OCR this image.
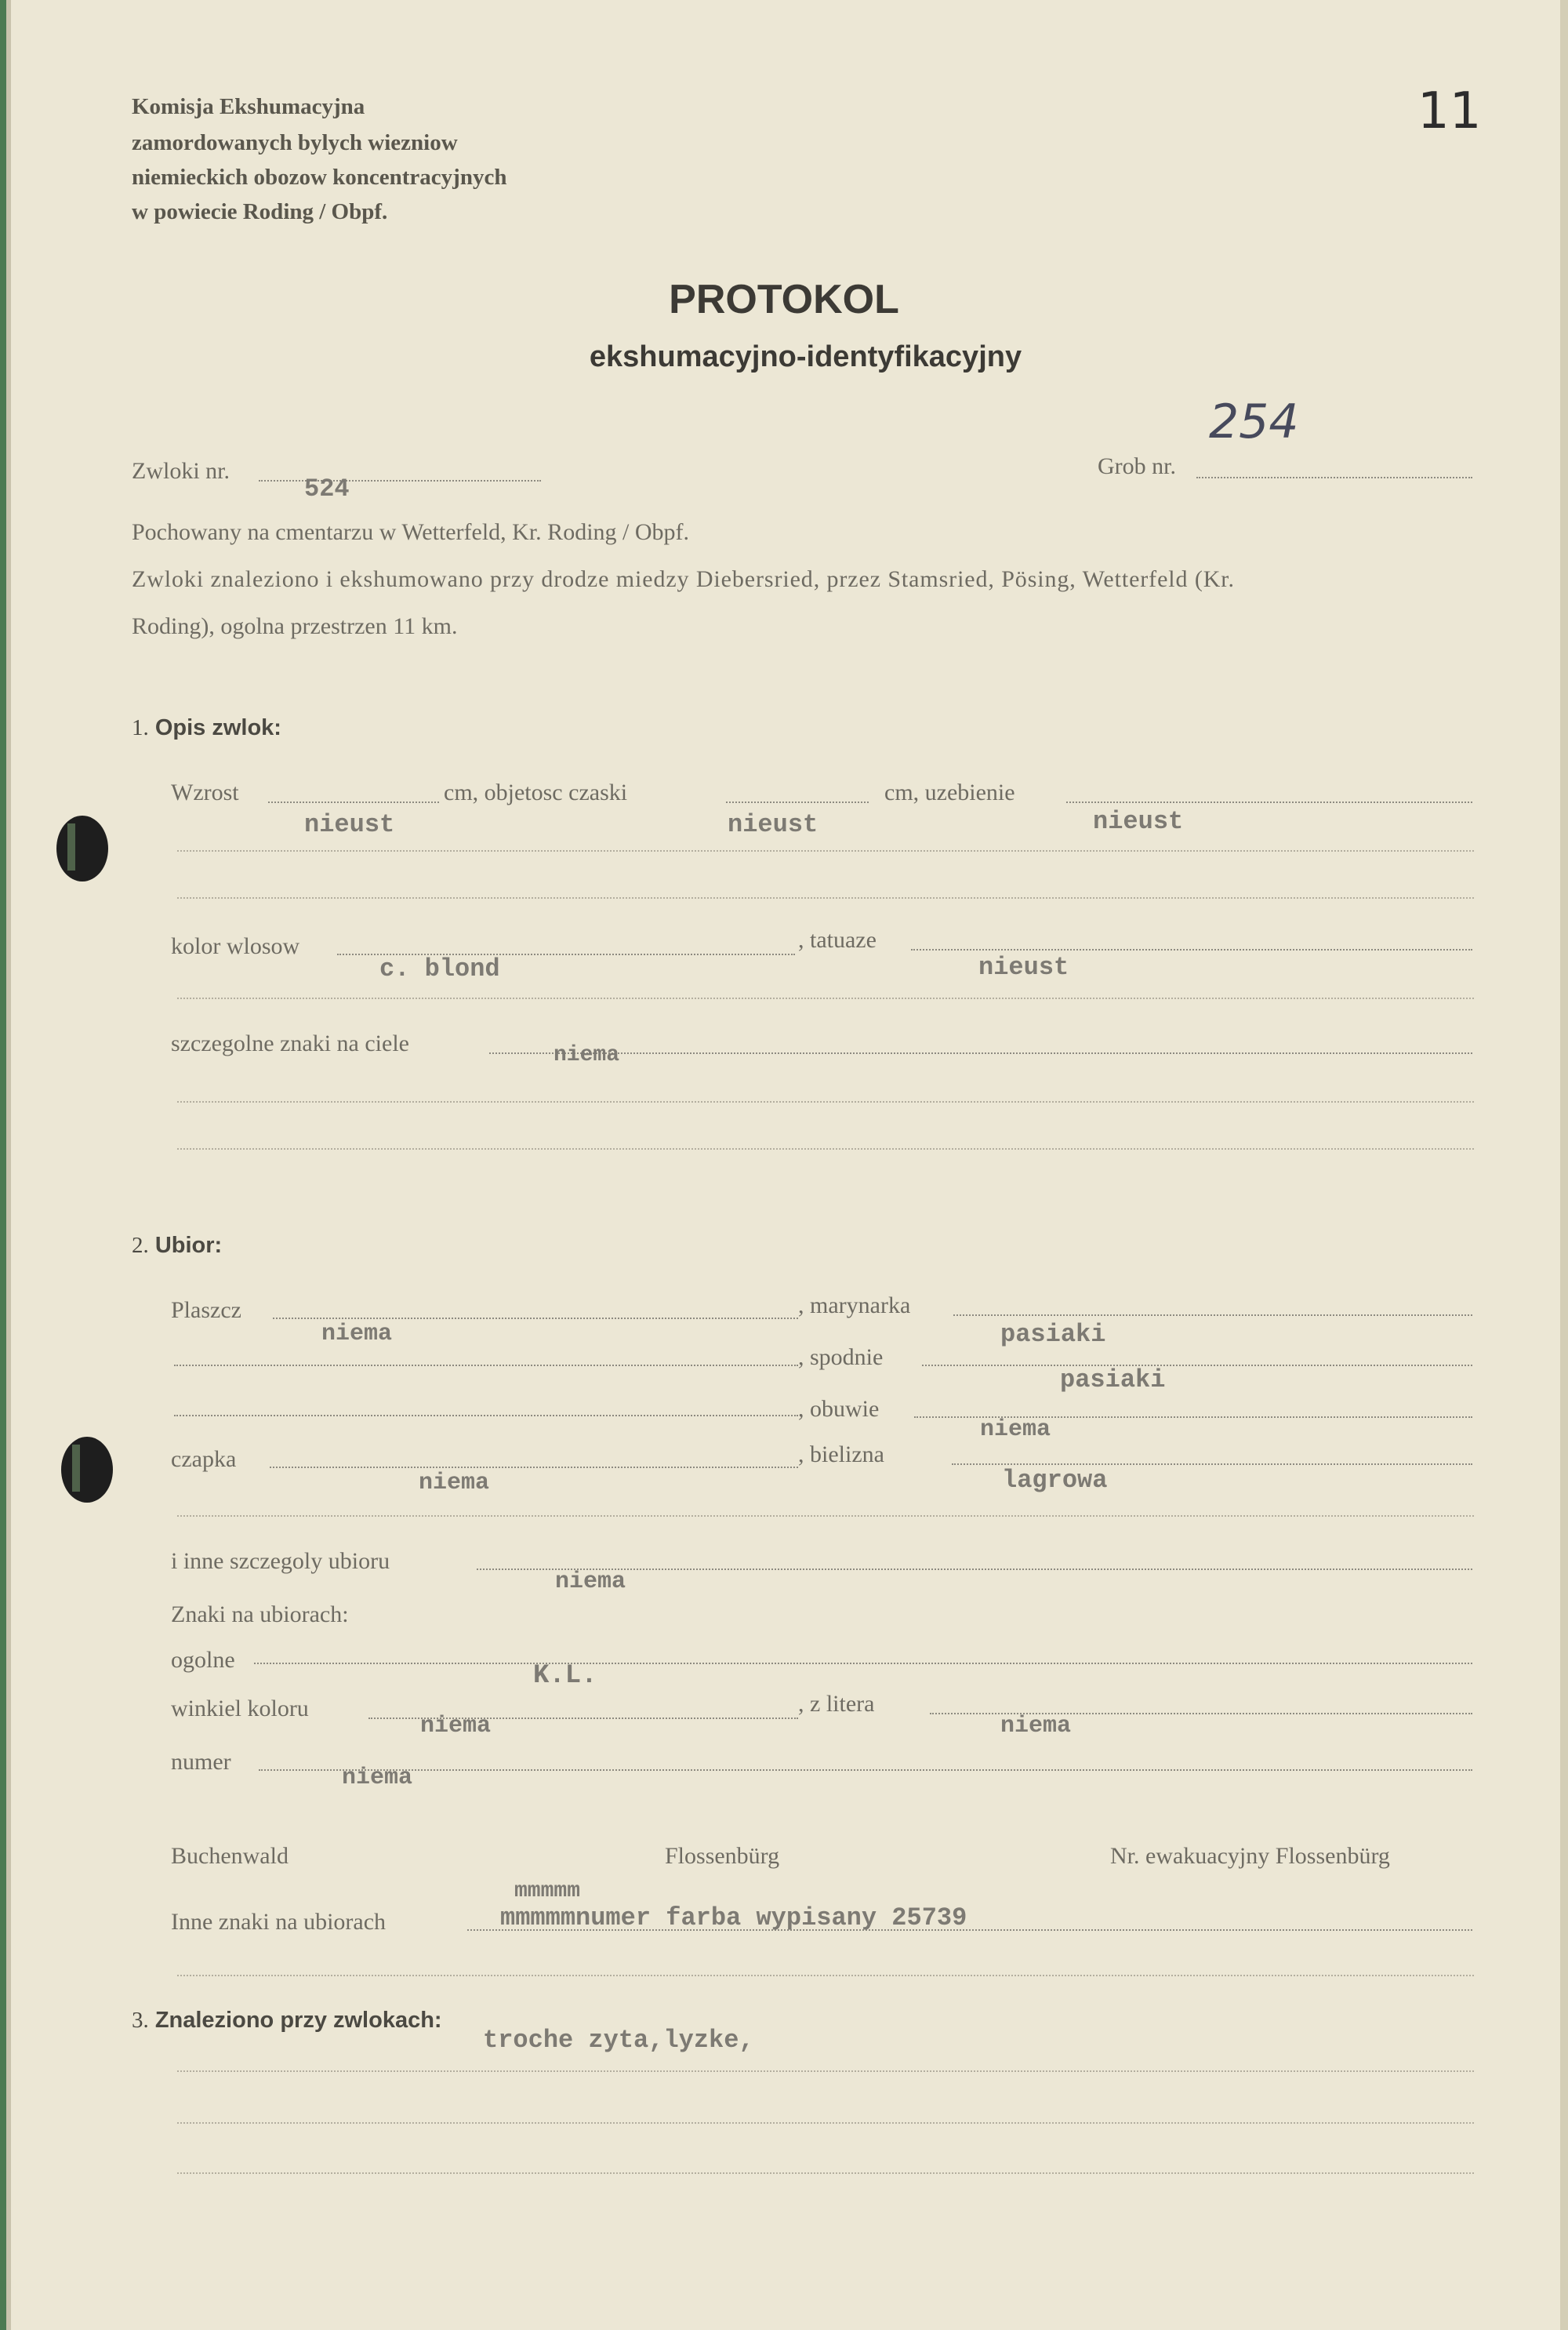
11
Komisja Ekshumacyjna
zamordowanych bylych wiezniow
niemieckich obozow koncentracyjnych
w powiecie Roding / Obpf.
PROTOKOL
ekshumacyjno-identyfikacyjny
Zwloki nr.
524
Grob nr.
254
Pochowany na cmentarzu w Wetterfeld, Kr. Roding / Obpf.
Zwloki znaleziono i ekshumowano przy drodze miedzy Diebersried, przez Stamsried, Pösing, Wetterfeld (Kr.
Roding), ogolna przestrzen 11 km.
1. Opis zwlok:
Wzrost	cm, objetosc czaski	cm, uzebienie
nieust	nieust	nieust
kolor wlosow	, tatuaze
c. blond	nieust
szczegolne znaki na ciele	niema
2. Ubior:
Plaszcz	, marynarka
niema	pasiaki
, spodnie
pasiaki
, obuwie
niema
czapka	, bielizna
niema	lagrowa
i inne szczegoly ubioru
niema
Znaki na ubiorach:
ogolne
K.L.
winkiel koloru	, z litera
niema	niema
numer
niema
Buchenwald	Flossenbürg	Nr. ewakuacyjny Flossenbürg
Inne znaki na ubiorach
mmmmm
mmmmmnumer farba wypisany 25739
3. Znaleziono przy zwlokach:
troche zyta,lyzke,
